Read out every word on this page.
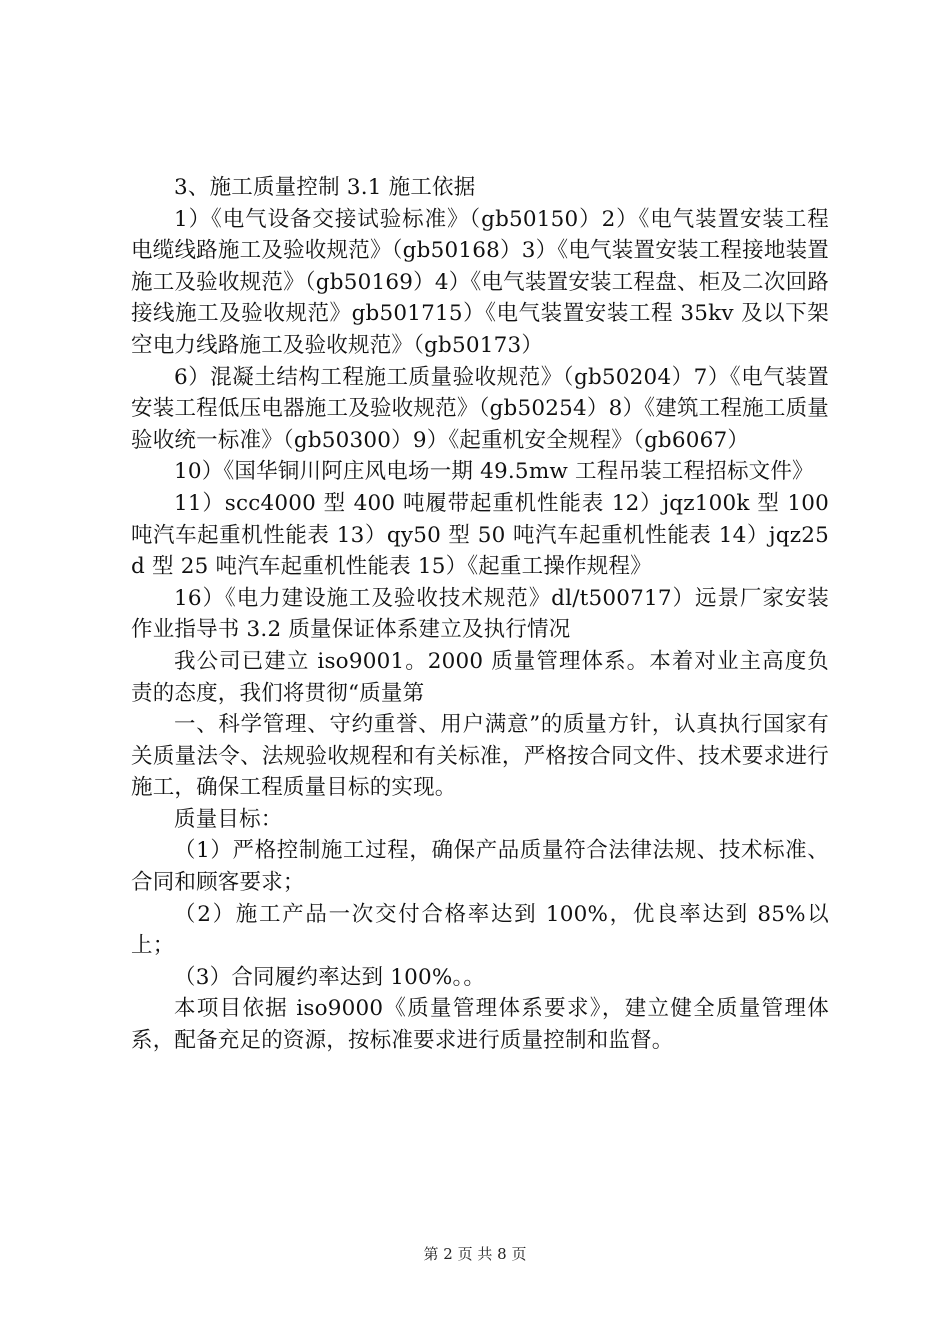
3、施工质量控制 3.1 施工依据

1）《电气设备交接试验标准》（gb50150）2）《电气装置安装工程电缆线路施工及验收规范》（gb50168）3）《电气装置安装工程接地装置施工及验收规范》（gb50169）4）《电气装置安装工程盘、柜及二次回路接线施工及验收规范》gb501715）《电气装置安装工程 35kv 及以下架空电力线路施工及验收规范》（gb50173）

6）混凝土结构工程施工质量验收规范》（gb50204）7）《电气装置安装工程低压电器施工及验收规范》（gb50254）8）《建筑工程施工质量验收统一标准》（gb50300）9）《起重机安全规程》（gb6067）

10）《国华铜川阿庄风电场一期 49.5mw 工程吊装工程招标文件》

11）scc4000 型 400 吨履带起重机性能表 12）jqz100k 型 100 吨汽车起重机性能表 13）qy50 型 50 吨汽车起重机性能表 14）jqz25d 型 25 吨汽车起重机性能表 15）《起重工操作规程》

16）《电力建设施工及验收技术规范》dl/t500717）远景厂家安装作业指导书 3.2 质量保证体系建立及执行情况

我公司已建立 iso9001。2000 质量管理体系。本着对业主高度负责的态度，我们将贯彻“质量第

一、科学管理、守约重誉、用户满意”的质量方针，认真执行国家有关质量法令、法规验收规程和有关标准，严格按合同文件、技术要求进行施工，确保工程质量目标的实现。

质量目标：

（1）严格控制施工过程，确保产品质量符合法律法规、技术标准、合同和顾客要求；

（2）施工产品一次交付合格率达到 100%，优良率达到 85%以上；

（3）合同履约率达到 100%。。

本项目依据 iso9000《质量管理体系要求》，建立健全质量管理体系，配备充足的资源，按标准要求进行质量控制和监督。

第 2 页 共 8 页
